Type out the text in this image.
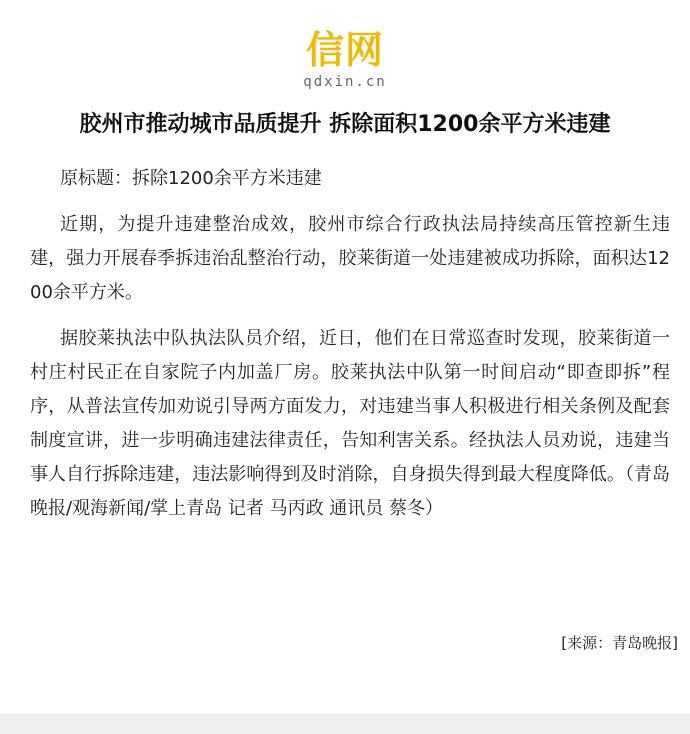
信网
qdxin.cn
胶州市推动城市品质提升 拆除面积1200余平方米违建

原标题：拆除1200余平方米违建

近期，为提升违建整治成效，胶州市综合行政执法局持续高压管控新生违建，强力开展春季拆违治乱整治行动，胶莱街道一处违建被成功拆除，面积达1200余平方米。

据胶莱执法中队执法队员介绍，近日，他们在日常巡查时发现，胶莱街道一村庄村民正在自家院子内加盖厂房。胶莱执法中队第一时间启动“即查即拆”程序，从普法宣传加劝说引导两方面发力，对违建当事人积极进行相关条例及配套制度宣讲，进一步明确违建法律责任，告知利害关系。经执法人员劝说，违建当事人自行拆除违建，违法影响得到及时消除，自身损失得到最大程度降低。（青岛晚报/观海新闻/掌上青岛 记者 马丙政 通讯员 蔡冬）

[来源：青岛晚报]
